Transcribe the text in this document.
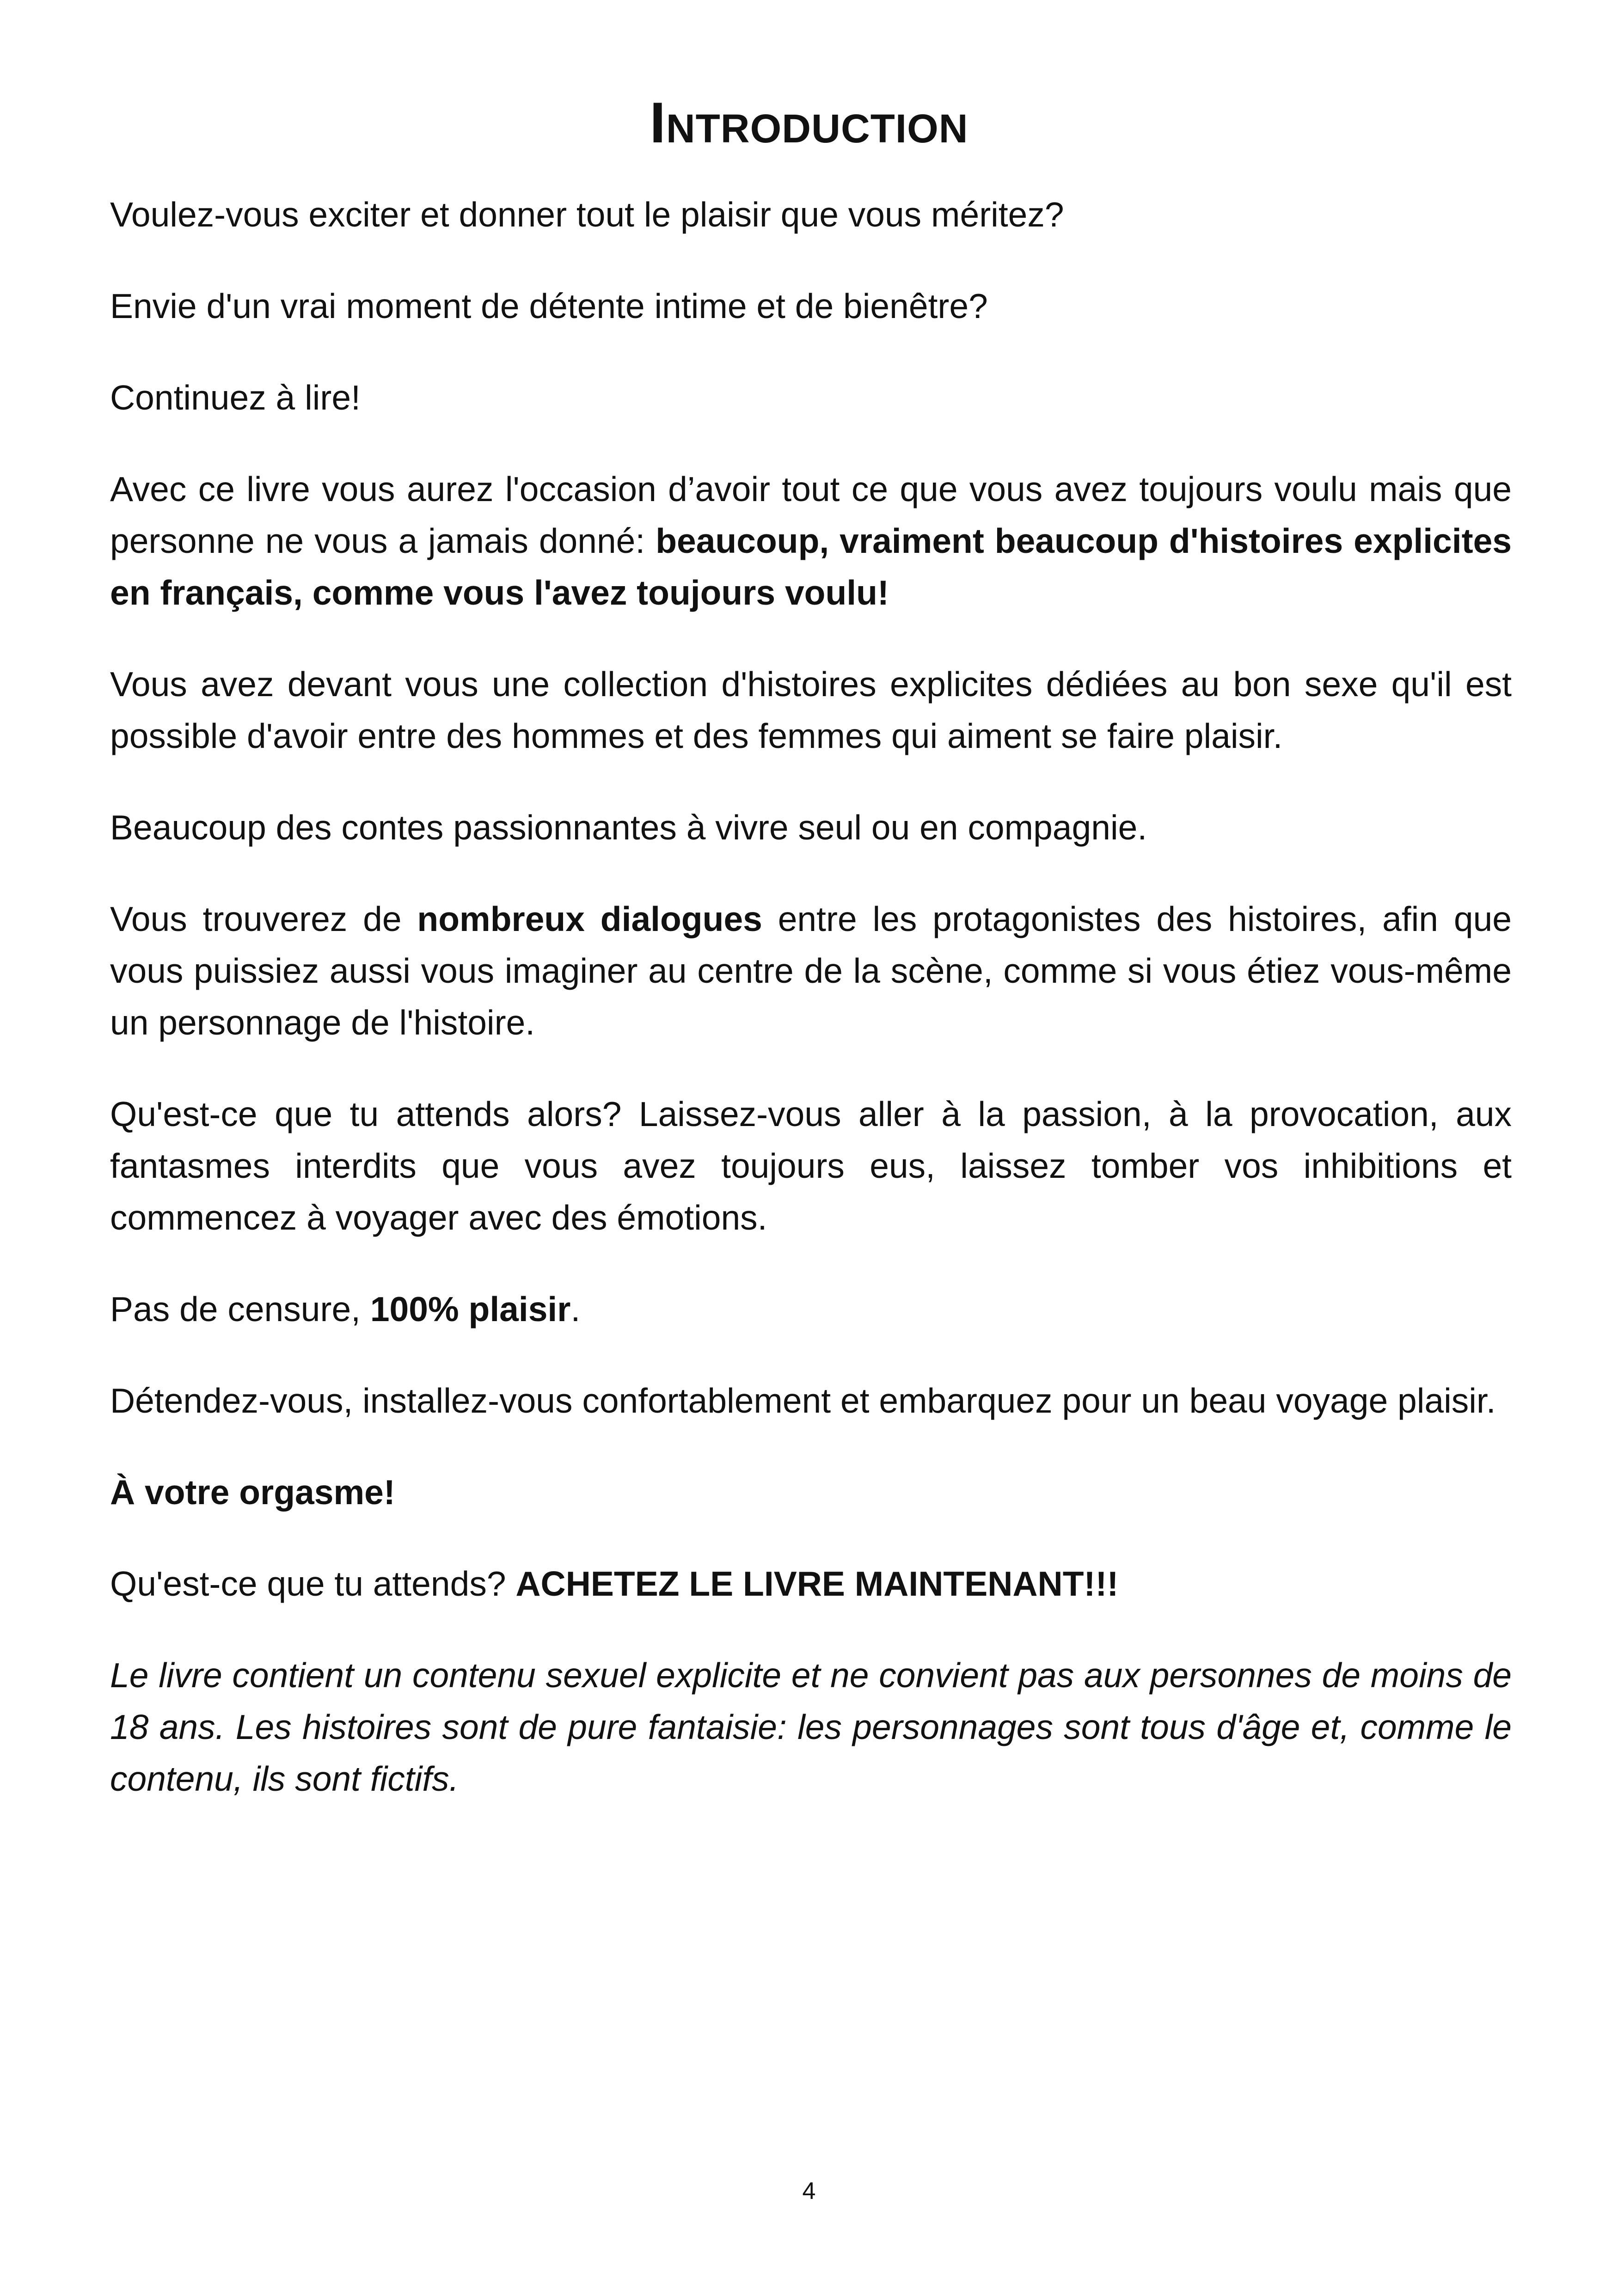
Introduction

Voulez-vous exciter et donner tout le plaisir que vous méritez?

Envie d'un vrai moment de détente intime et de bienêtre?

Continuez à lire!

Avec ce livre vous aurez l'occasion d’avoir tout ce que vous avez toujours voulu mais que personne ne vous a jamais donné: beaucoup, vraiment beaucoup d'histoires explicites en français, comme vous l'avez toujours voulu!

Vous avez devant vous une collection d'histoires explicites dédiées au bon sexe qu'il est possible d'avoir entre des hommes et des femmes qui aiment se faire plaisir.

Beaucoup des contes passionnantes à vivre seul ou en compagnie.

Vous trouverez de nombreux dialogues entre les protagonistes des histoires, afin que vous puissiez aussi vous imaginer au centre de la scène, comme si vous étiez vous-même un personnage de l'histoire.

Qu'est-ce que tu attends alors? Laissez-vous aller à la passion, à la provocation, aux fantasmes interdits que vous avez toujours eus, laissez tomber vos inhibitions et commencez à voyager avec des émotions.

Pas de censure, 100% plaisir.

Détendez-vous, installez-vous confortablement et embarquez pour un beau voyage plaisir.

À votre orgasme!

Qu'est-ce que tu attends? ACHETEZ LE LIVRE MAINTENANT!!!

Le livre contient un contenu sexuel explicite et ne convient pas aux personnes de moins de 18 ans. Les histoires sont de pure fantaisie: les personnages sont tous d'âge et, comme le contenu, ils sont fictifs.

4
